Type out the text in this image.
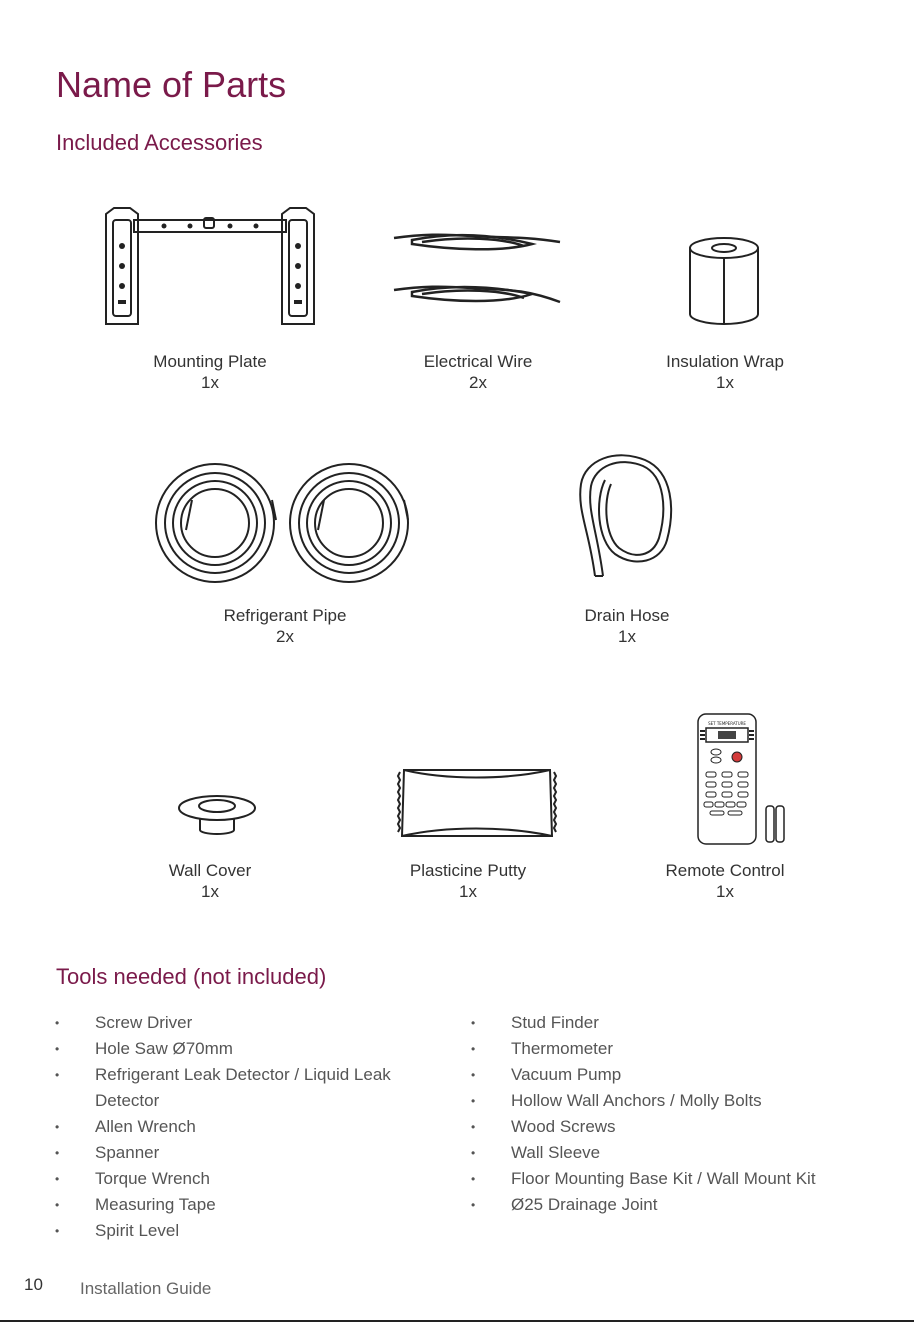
Name of Parts
Included Accessories
SET TEMPERATURE
Mounting Plate
1x
Electrical Wire
2x
Insulation Wrap
1x
Refrigerant Pipe
2x
Drain Hose
1x
Wall Cover
1x
Plasticine Putty
1x
Remote Control
1x
Tools needed (not included)
• Screw Driver
• Hole Saw Ø70mm
• Refrigerant Leak Detector / Liquid Leak Detector
• Allen Wrench
• Spanner
• Torque Wrench
• Measuring Tape
• Spirit Level
• Stud Finder
• Thermometer
• Vacuum Pump
• Hollow Wall Anchors / Molly Bolts
• Wood Screws
• Wall Sleeve
• Floor Mounting Base Kit / Wall Mount Kit
• Ø25 Drainage Joint
10 Installation Guide
